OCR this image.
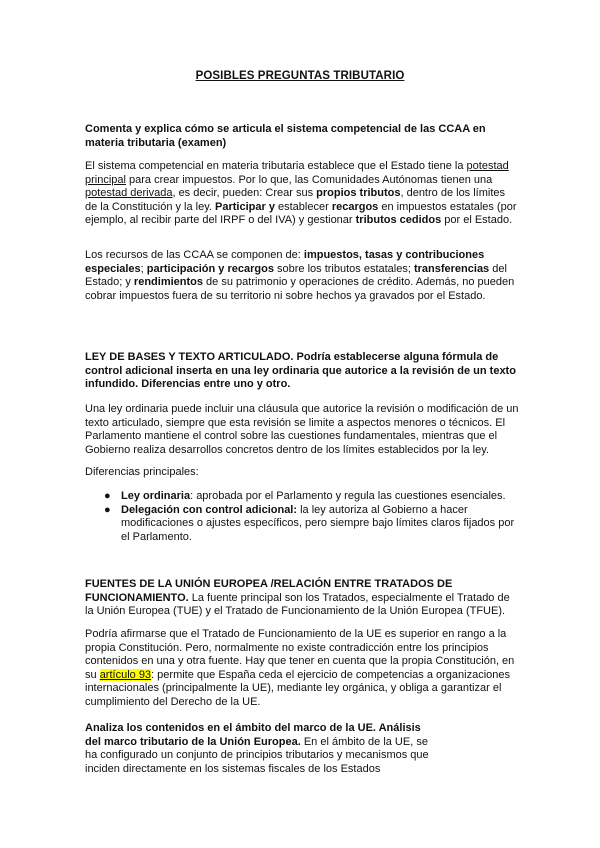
POSIBLES PREGUNTAS TRIBUTARIO
Comenta y explica cómo se articula el sistema competencial de las CCAA en materia tributaria (examen)
El sistema competencial en materia tributaria establece que el Estado tiene la potestad principal para crear impuestos. Por lo que, las Comunidades Autónomas tienen una potestad derivada, es decir, pueden: Crear sus propios tributos, dentro de los límites de la Constitución y la ley. Participar y establecer recargos en impuestos estatales (por ejemplo, al recibir parte del IRPF o del IVA) y gestionar tributos cedidos por el Estado.
Los recursos de las CCAA se componen de: impuestos, tasas y contribuciones especiales; participación y recargos sobre los tributos estatales; transferencias del Estado; y rendimientos de su patrimonio y operaciones de crédito. Además, no pueden cobrar impuestos fuera de su territorio ni sobre hechos ya gravados por el Estado.
LEY DE BASES Y TEXTO ARTICULADO. Podría establecerse alguna fórmula de control adicional inserta en una ley ordinaria que autorice a la revisión de un texto infundido. Diferencias entre uno y otro.
Una ley ordinaria puede incluir una cláusula que autorice la revisión o modificación de un texto articulado, siempre que esta revisión se limite a aspectos menores o técnicos. El Parlamento mantiene el control sobre las cuestiones fundamentales, mientras que el Gobierno realiza desarrollos concretos dentro de los límites establecidos por la ley.
Diferencias principales:
● Ley ordinaria: aprobada por el Parlamento y regula las cuestiones esenciales.
● Delegación con control adicional: la ley autoriza al Gobierno a hacer modificaciones o ajustes específicos, pero siempre bajo límites claros fijados por el Parlamento.
FUENTES DE LA UNIÓN EUROPEA /RELACIÓN ENTRE TRATADOS DE FUNCIONAMIENTO. La fuente principal son los Tratados, especialmente el Tratado de la Unión Europea (TUE) y el Tratado de Funcionamiento de la Unión Europea (TFUE).
Podría afirmarse que el Tratado de Funcionamiento de la UE es superior en rango a la propia Constitución. Pero, normalmente no existe contradicción entre los principios contenidos en una y otra fuente. Hay que tener en cuenta que la propia Constitución, en su artículo 93: permite que España ceda el ejercicio de competencias a organizaciones internacionales (principalmente la UE), mediante ley orgánica, y obliga a garantizar el cumplimiento del Derecho de la UE.
Analiza los contenidos en el ámbito del marco de la UE. Análisis del marco tributario de la Unión Europea. En el ámbito de la UE, se ha configurado un conjunto de principios tributarios y mecanismos que inciden directamente en los sistemas fiscales de los Estados
